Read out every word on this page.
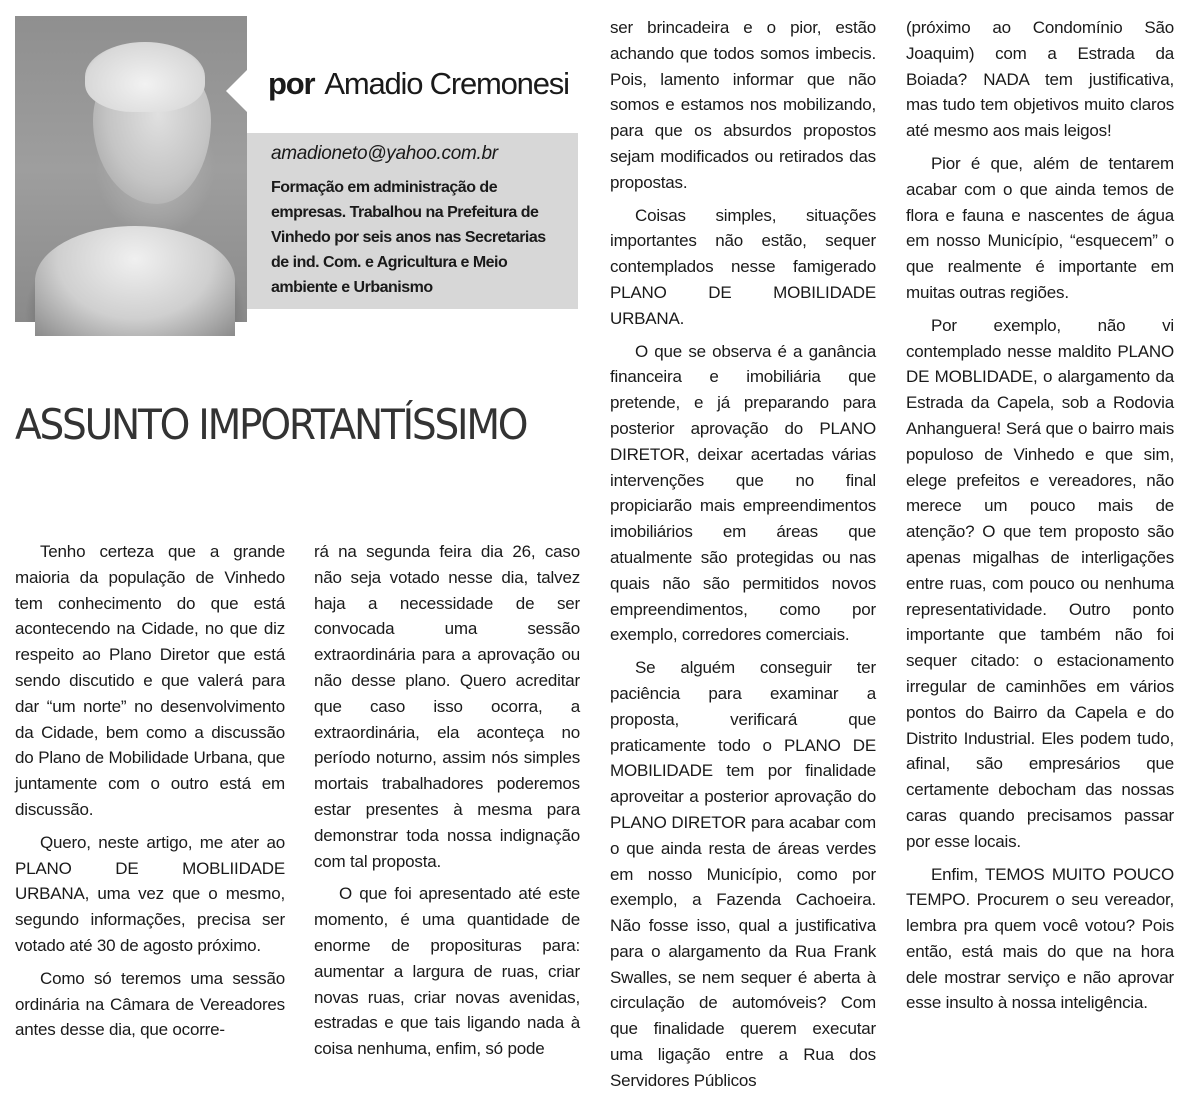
por Amadio Cremonesi
amadioneto@yahoo.com.br
Formação em administração de empresas. Trabalhou na Prefeitura de Vinhedo por seis anos nas Secretarias de ind. Com. e Agricultura e Meio ambiente e Urbanismo
ASSUNTO IMPORTANTÍSSIMO

Tenho certeza que a grande maioria da população de Vinhedo tem conhecimento do que está acontecendo na Cidade, no que diz respeito ao Plano Diretor que está sendo discutido e que valerá para dar “um norte” no desenvolvimento da Cidade, bem como a discussão do Plano de Mobilidade Urbana, que juntamente com o outro está em discussão.

Quero, neste artigo, me ater ao PLANO DE MOBLIIDADE URBANA, uma vez que o mesmo, segundo informações, precisa ser votado até 30 de agosto próximo.

Como só teremos uma sessão ordinária na Câmara de Vereadores antes desse dia, que ocorre-

rá na segunda feira dia 26, caso não seja votado nesse dia, talvez haja a necessidade de ser convocada uma sessão extraordinária para a aprovação ou não desse plano. Quero acreditar que caso isso ocorra, a extraordinária, ela aconteça no período noturno, assim nós simples mortais trabalhadores poderemos estar presentes à mesma para demonstrar toda nossa indignação com tal proposta.

O que foi apresentado até este momento, é uma quantidade de enorme de proposituras para: aumentar a largura de ruas, criar novas ruas, criar novas avenidas, estradas e que tais ligando nada à coisa nenhuma, enfim, só pode

ser brincadeira e o pior, estão achando que todos somos imbecis. Pois, lamento informar que não somos e estamos nos mobilizando, para que os absurdos propostos sejam modificados ou retirados das propostas.

Coisas simples, situações importantes não estão, sequer contemplados nesse famigerado PLANO DE MOBILIDADE URBANA.

O que se observa é a ganância financeira e imobiliária que pretende, e já preparando para posterior aprovação do PLANO DIRETOR, deixar acertadas várias intervenções que no final propiciarão mais empreendimentos imobiliários em áreas que atualmente são protegidas ou nas quais não são permitidos novos empreendimentos, como por exemplo, corredores comerciais.

Se alguém conseguir ter paciência para examinar a proposta, verificará que praticamente todo o PLANO DE MOBILIDADE tem por finalidade aproveitar a posterior aprovação do PLANO DIRETOR para acabar com o que ainda resta de áreas verdes em nosso Município, como por exemplo, a Fazenda Cachoeira. Não fosse isso, qual a justificativa para o alargamento da Rua Frank Swalles, se nem sequer é aberta à circulação de automóveis? Com que finalidade querem executar uma ligação entre a Rua dos Servidores Públicos

(próximo ao Condomínio São Joaquim) com a Estrada da Boiada? NADA tem justificativa, mas tudo tem objetivos muito claros até mesmo aos mais leigos!

Pior é que, além de tentarem acabar com o que ainda temos de flora e fauna e nascentes de água em nosso Município, “esquecem” o que realmente é importante em muitas outras regiões.

Por exemplo, não vi contemplado nesse maldito PLANO DE MOBLIDADE, o alargamento da Estrada da Capela, sob a Rodovia Anhanguera! Será que o bairro mais populoso de Vinhedo e que sim, elege prefeitos e vereadores, não merece um pouco mais de atenção? O que tem proposto são apenas migalhas de interligações entre ruas, com pouco ou nenhuma representatividade. Outro ponto importante que também não foi sequer citado: o estacionamento irregular de caminhões em vários pontos do Bairro da Capela e do Distrito Industrial. Eles podem tudo, afinal, são empresários que certamente debocham das nossas caras quando precisamos passar por esse locais.

Enfim, TEMOS MUITO POUCO TEMPO. Procurem o seu vereador, lembra pra quem você votou? Pois então, está mais do que na hora dele mostrar serviço e não aprovar esse insulto à nossa inteligência.
